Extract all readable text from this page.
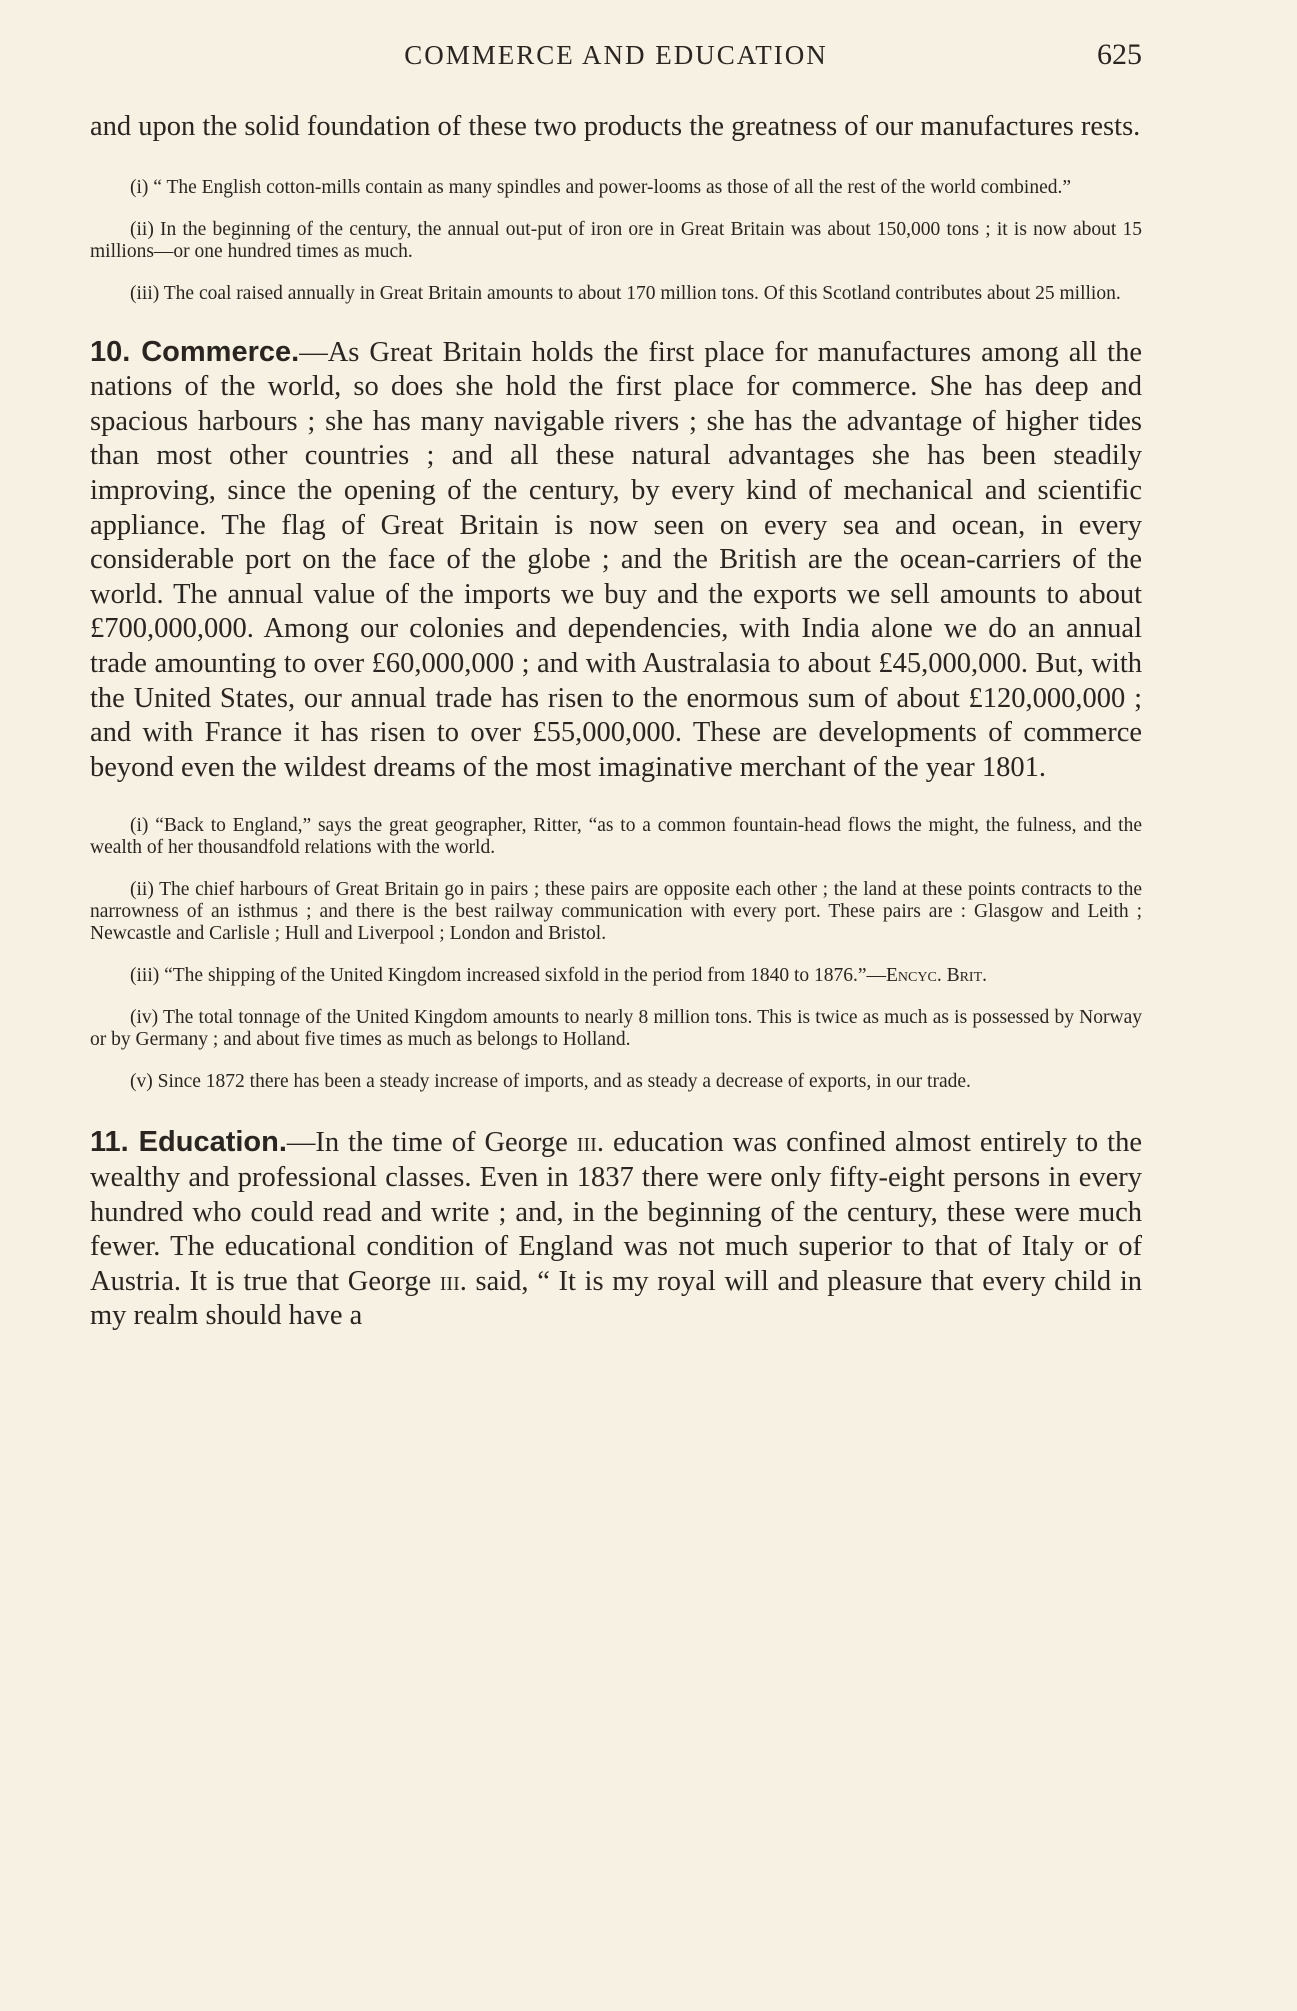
COMMERCE AND EDUCATION	625

and upon the solid foundation of these two products the greatness of our manufactures rests.

(i) “ The English cotton-mills contain as many spindles and power-looms as those of all the rest of the world combined.”

(ii) In the beginning of the century, the annual out-put of iron ore in Great Britain was about 150,000 tons ; it is now about 15 millions—or one hundred times as much.

(iii) The coal raised annually in Great Britain amounts to about 170 million tons. Of this Scotland contributes about 25 million.

10. Commerce.—As Great Britain holds the first place for manufactures among all the nations of the world, so does she hold the first place for commerce. She has deep and spacious harbours ; she has many navigable rivers ; she has the advantage of higher tides than most other countries ; and all these natural advantages she has been steadily improving, since the opening of the century, by every kind of mechanical and scientific appliance. The flag of Great Britain is now seen on every sea and ocean, in every considerable port on the face of the globe ; and the British are the ocean-carriers of the world. The annual value of the imports we buy and the exports we sell amounts to about £700,000,000. Among our colonies and dependencies, with India alone we do an annual trade amounting to over £60,000,000 ; and with Australasia to about £45,000,000. But, with the United States, our annual trade has risen to the enormous sum of about £120,000,000 ; and with France it has risen to over £55,000,000. These are developments of commerce beyond even the wildest dreams of the most imaginative merchant of the year 1801.

(i) “Back to England,” says the great geographer, Ritter, “as to a common fountain-head flows the might, the fulness, and the wealth of her thousandfold relations with the world.

(ii) The chief harbours of Great Britain go in pairs ; these pairs are opposite each other ; the land at these points contracts to the narrowness of an isthmus ; and there is the best railway communication with every port. These pairs are : Glasgow and Leith ; Newcastle and Carlisle ; Hull and Liverpool ; London and Bristol.

(iii) “The shipping of the United Kingdom increased sixfold in the period from 1840 to 1876.”—Encyc. Brit.

(iv) The total tonnage of the United Kingdom amounts to nearly 8 million tons. This is twice as much as is possessed by Norway or by Germany ; and about five times as much as belongs to Holland.

(v) Since 1872 there has been a steady increase of imports, and as steady a decrease of exports, in our trade.

11. Education.—In the time of George iii. education was confined almost entirely to the wealthy and professional classes. Even in 1837 there were only fifty-eight persons in every hundred who could read and write ; and, in the beginning of the century, these were much fewer. The educational condition of England was not much superior to that of Italy or of Austria. It is true that George iii. said, “ It is my royal will and pleasure that every child in my realm should have a
